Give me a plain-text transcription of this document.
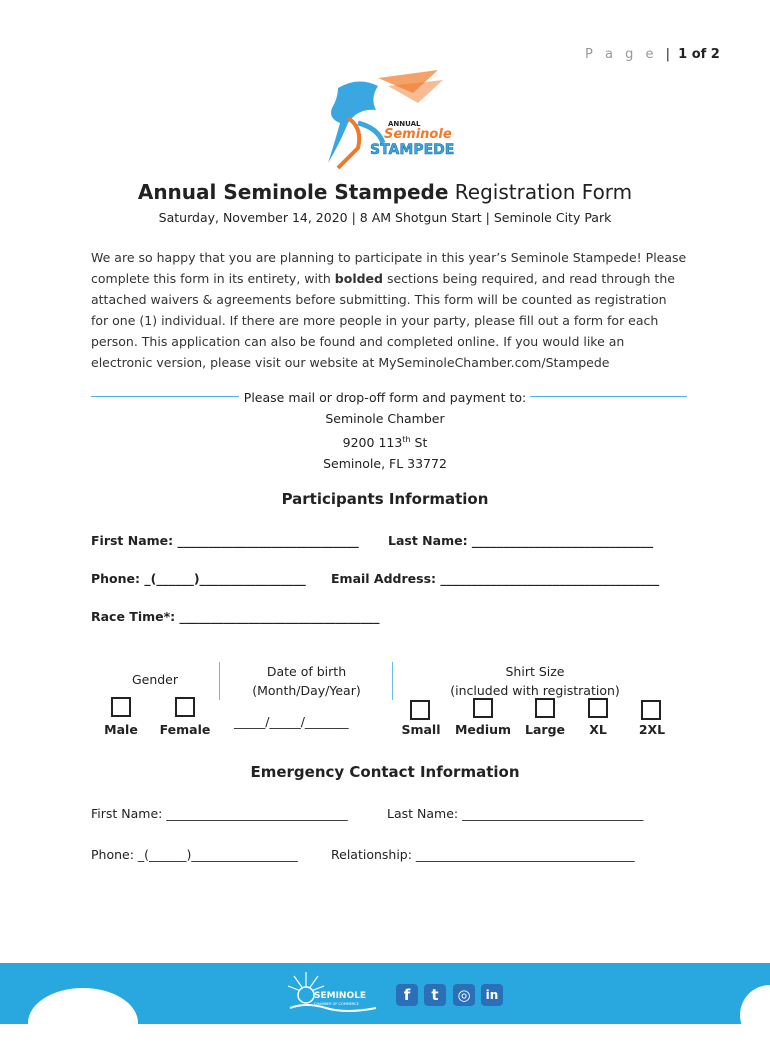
P a g e | 1 of 2
ANNUAL
Seminole
STAMPEDE
Annual Seminole Stampede Registration Form
Saturday, November 14, 2020 | 8 AM Shotgun Start | Seminole City Park
We are so happy that you are planning to participate in this year’s Seminole Stampede! Please complete this form in its entirety, with bolded sections being required, and read through the attached waivers & agreements before submitting. This form will be counted as registration for one (1) individual. If there are more people in your party, please fill out a form for each person. This application can also be found and completed online. If you would like an electronic version, please visit our website at MySeminoleChamber.com/Stampede
Please mail or drop-off form and payment to:
Seminole Chamber
9200 113th St
Seminole, FL 33772
Participants Information
First Name: _____________________________ Last Name: _____________________________
Phone: _(______)_________________ Email Address: ___________________________________
Race Time*: ________________________________
Gender
Male	Female
Date of birth
(Month/Day/Year)
_____/_____/_______
Shirt Size
(included with registration)
Small Medium Large	XL	2XL
Emergency Contact Information
First Name: _____________________________	Last Name: _____________________________
Phone: _(______)_________________	Relationship: ___________________________________
SEMINOLE
CHAMBER OF COMMERCE	f	t	◎	in
